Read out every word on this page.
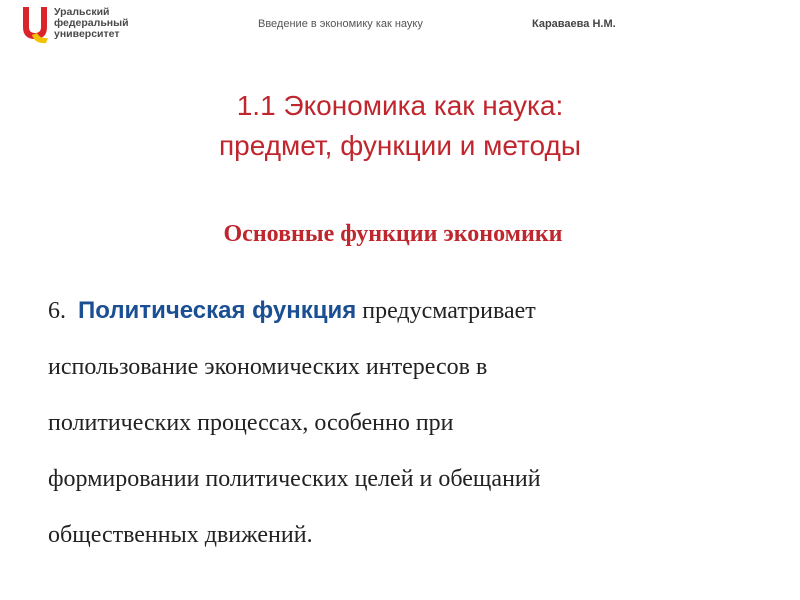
Уральский
федеральный
университет
Введение в экономику как науку	Караваева Н.М.
1.1 Экономика как наука:
предмет, функции и методы
Основные функции экономики
6. Политическая функция предусматривает
использование экономических интересов в
политических процессах, особенно при
формировании политических целей и обещаний
общественных движений.
